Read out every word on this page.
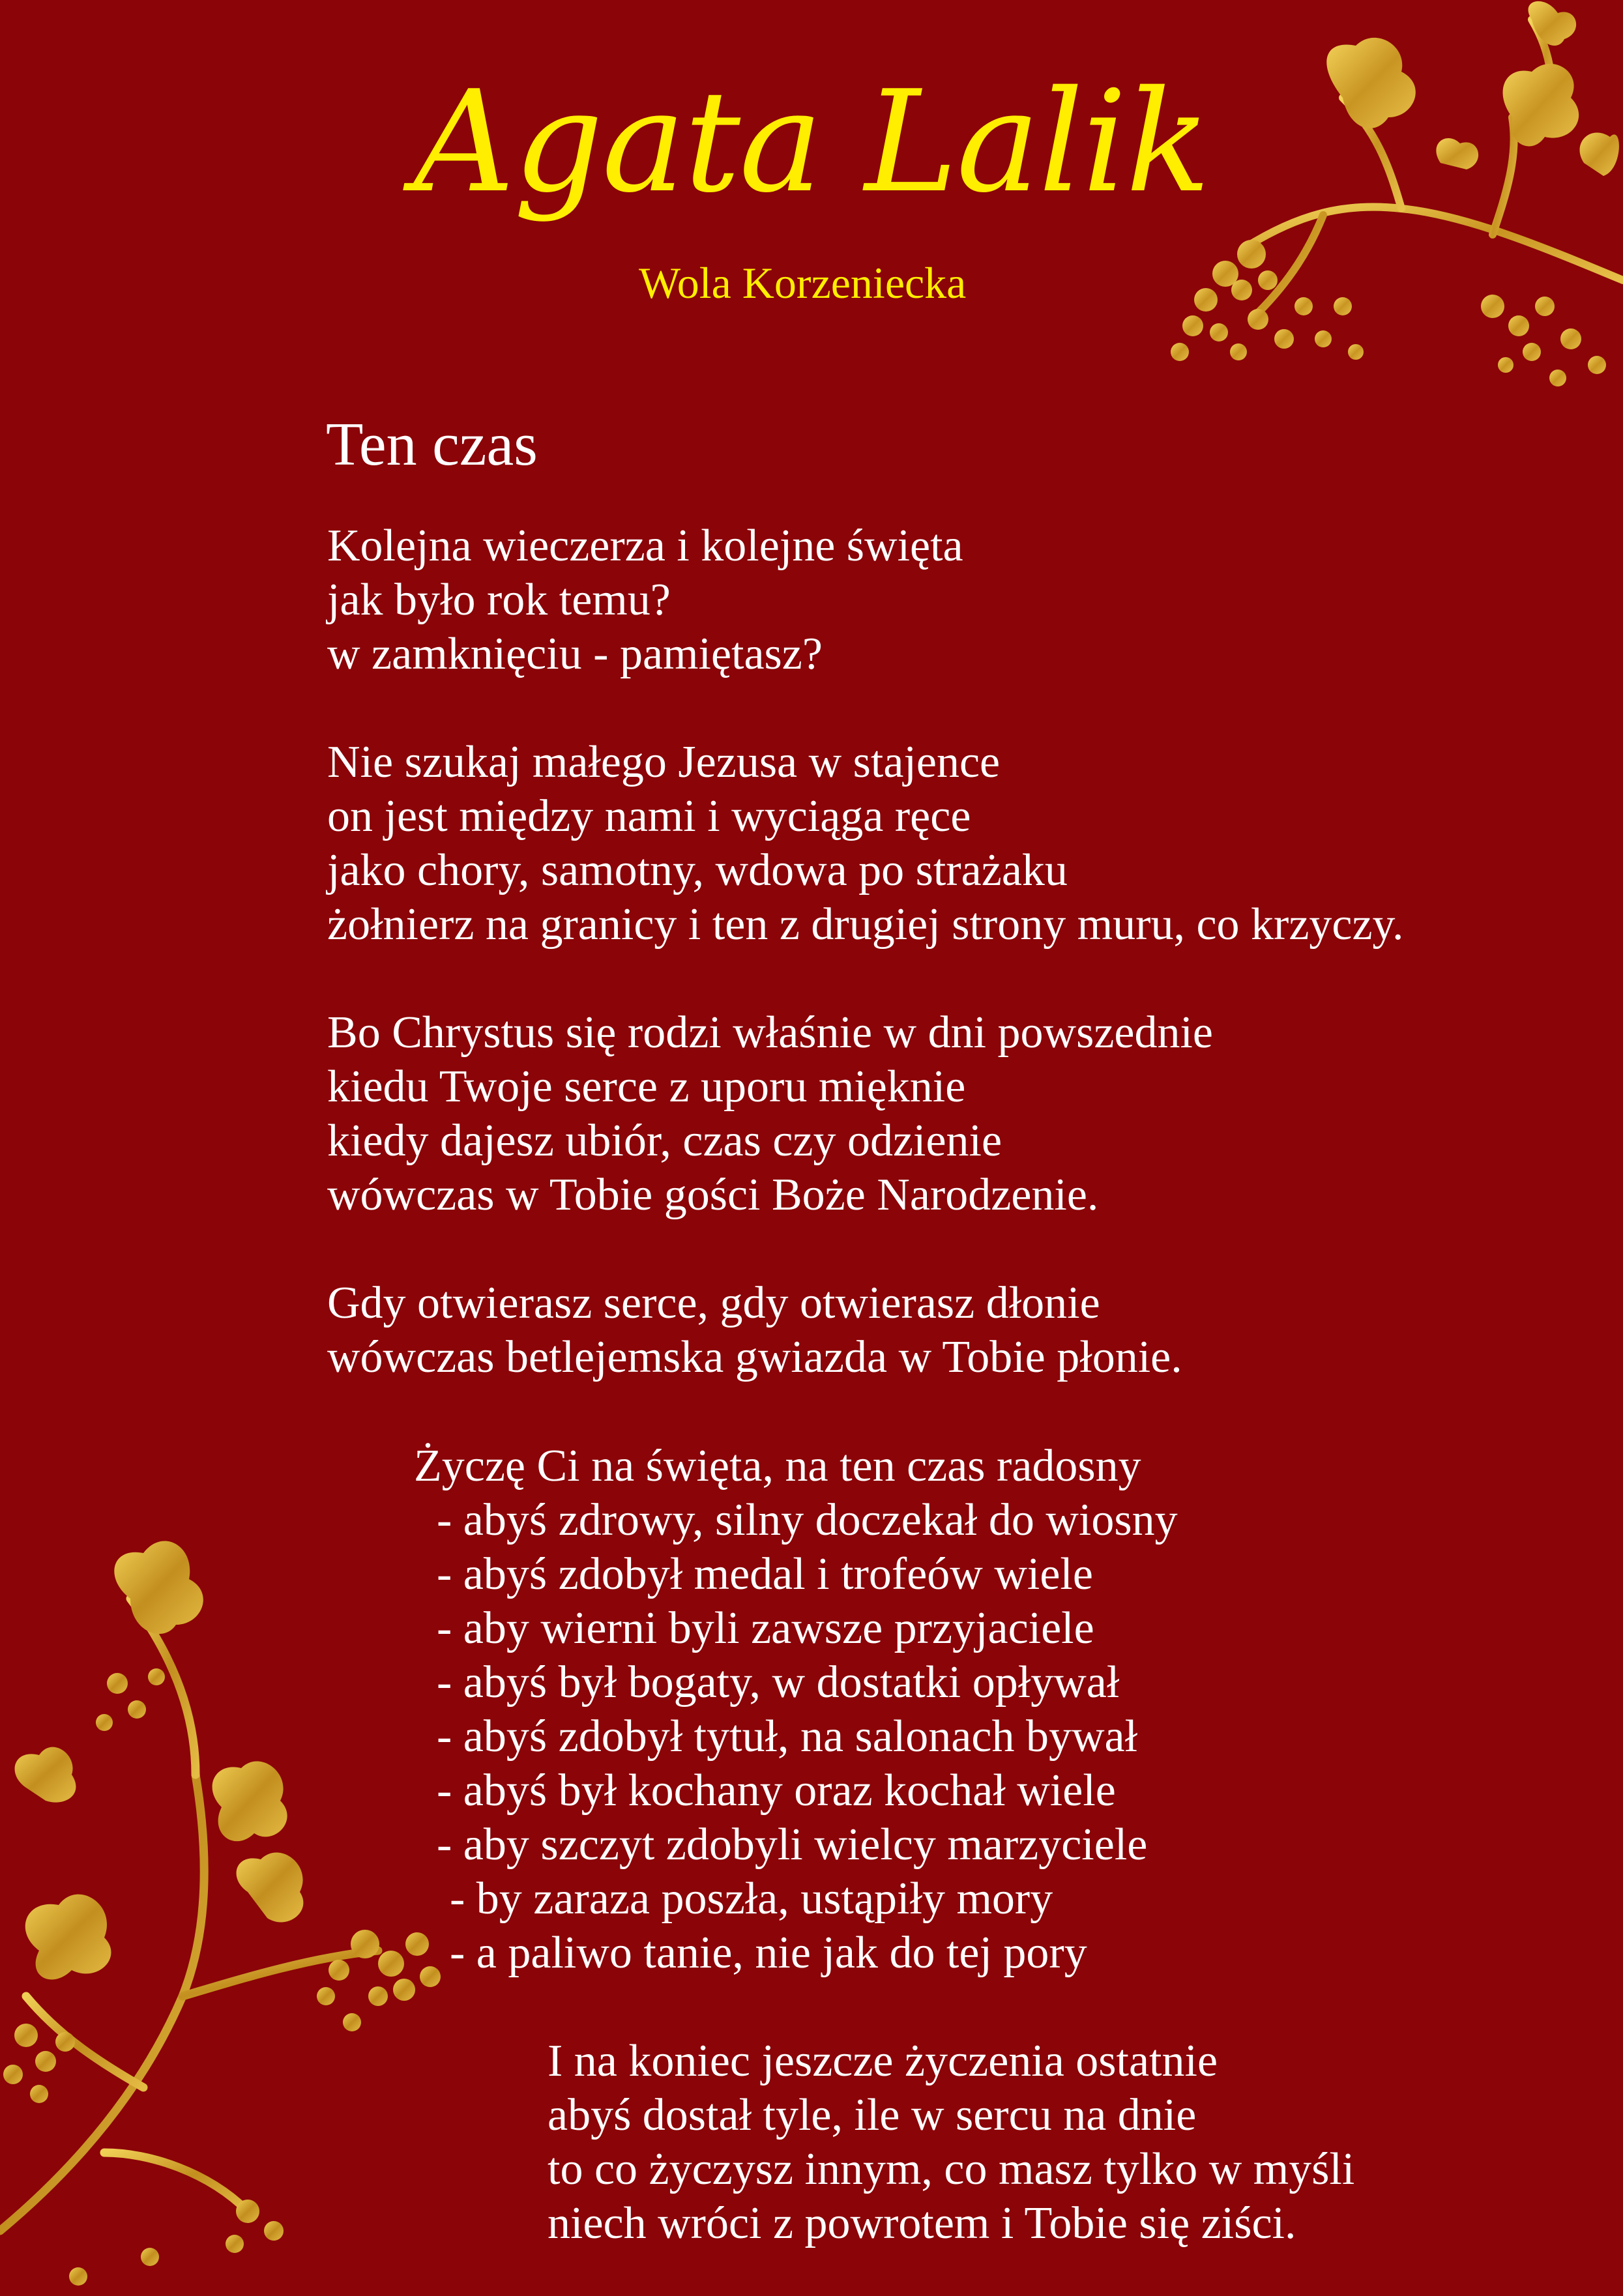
Agata Lalik
Wola Korzeniecka
Ten czas
Kolejna wieczerza i kolejne święta
jak było rok temu?
w zamknięciu - pamiętasz?
Nie szukaj małego Jezusa w stajence
on jest między nami i wyciąga ręce
jako chory, samotny, wdowa po strażaku
żołnierz na granicy i ten z drugiej strony muru, co krzyczy.
Bo Chrystus się rodzi właśnie w dni powszednie
kiedu Twoje serce z uporu mięknie
kiedy dajesz ubiór, czas czy odzienie
wówczas w Tobie gości Boże Narodzenie.
Gdy otwierasz serce, gdy otwierasz dłonie
wówczas betlejemska gwiazda w Tobie płonie.
Życzę Ci na święta, na ten czas radosny
- abyś zdrowy, silny doczekał do wiosny
- abyś zdobył medal i trofeów wiele
- aby wierni byli zawsze przyjaciele
- abyś był bogaty, w dostatki opływał
- abyś zdobył tytuł, na salonach bywał
- abyś był kochany oraz kochał wiele
- aby szczyt zdobyli wielcy marzyciele
- by zaraza poszła, ustąpiły mory
- a paliwo tanie, nie jak do tej pory
I na koniec jeszcze życzenia ostatnie
abyś dostał tyle, ile w sercu na dnie
to co życzysz innym, co masz tylko w myśli
niech wróci z powrotem i Tobie się ziści.
